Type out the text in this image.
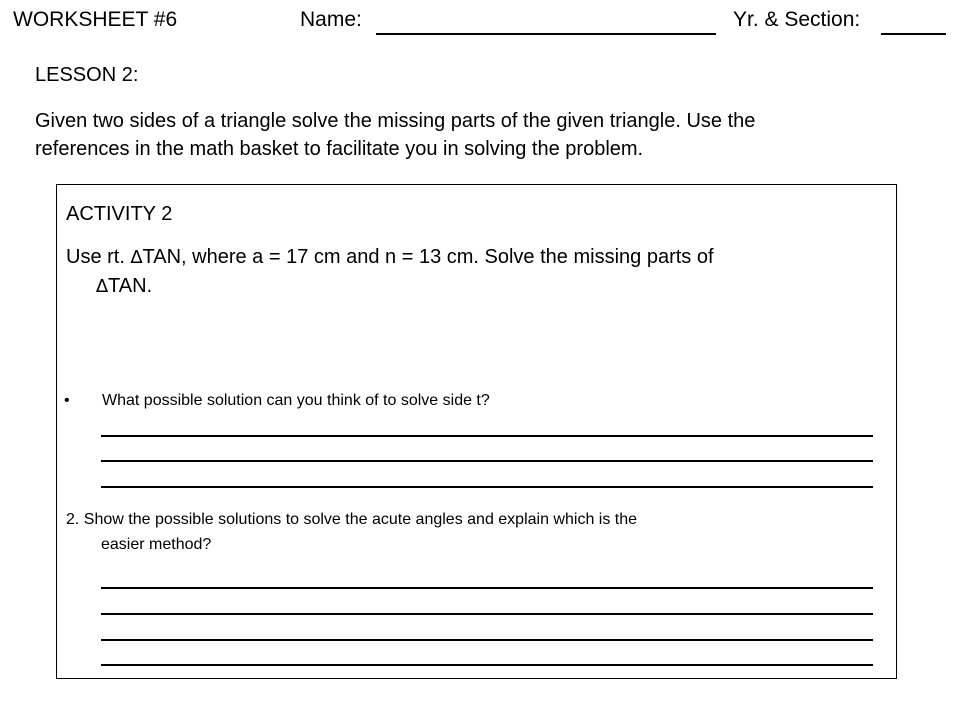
WORKSHEET #6	Name:	Yr. & Section:
LESSON 2:
Given two sides of a triangle solve the missing parts of the given triangle. Use the
references in the math basket to facilitate you in solving the problem.
ACTIVITY 2
Use rt. ∆TAN, where a = 17 cm and n = 13 cm. Solve the missing parts of
∆TAN.
• What possible solution can you think of to solve side t?
2. Show the possible solutions to solve the acute angles and explain which is the
easier method?
